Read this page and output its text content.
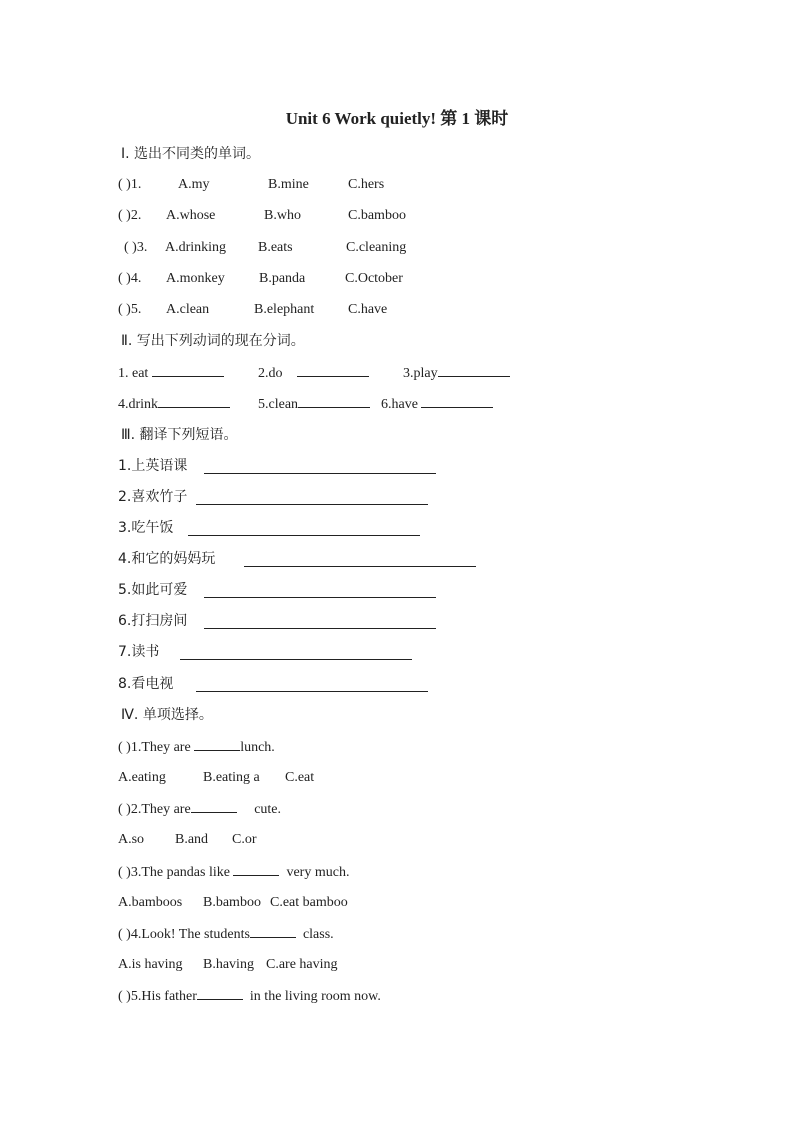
Unit 6 Work quietly! 第 1 课时
Ⅰ. 选出不同类的单词。
( )1.	A.my	B.mine	C.hers
( )2. A.whose	B.who	C.bamboo
( )3. A.drinking B.eats	C.cleaning
( )4. A.monkey B.panda	C.October
( )5. A.clean	B.elephant C.have
Ⅱ. 写出下列动词的现在分词。
1. eat	2.do	3.play
4.drink	5.clean	6.have
Ⅲ. 翻译下列短语。
1.上英语课
2.喜欢竹子
3.吃午饭
4.和它的妈妈玩
5.如此可爱
6.打扫房间
7.读书
8.看电视
Ⅳ. 单项选择。
( )1.They are	lunch.
A.eating	B.eating a C.eat
( )2.They are	cute.
A.so B.and C.or
( )3.The pandas like	very much.
A.bamboos B.bamboo C.eat bamboo
( )4.Look! The students	class.
A.is having B.having C.are having
( )5.His father	in the living room now.
